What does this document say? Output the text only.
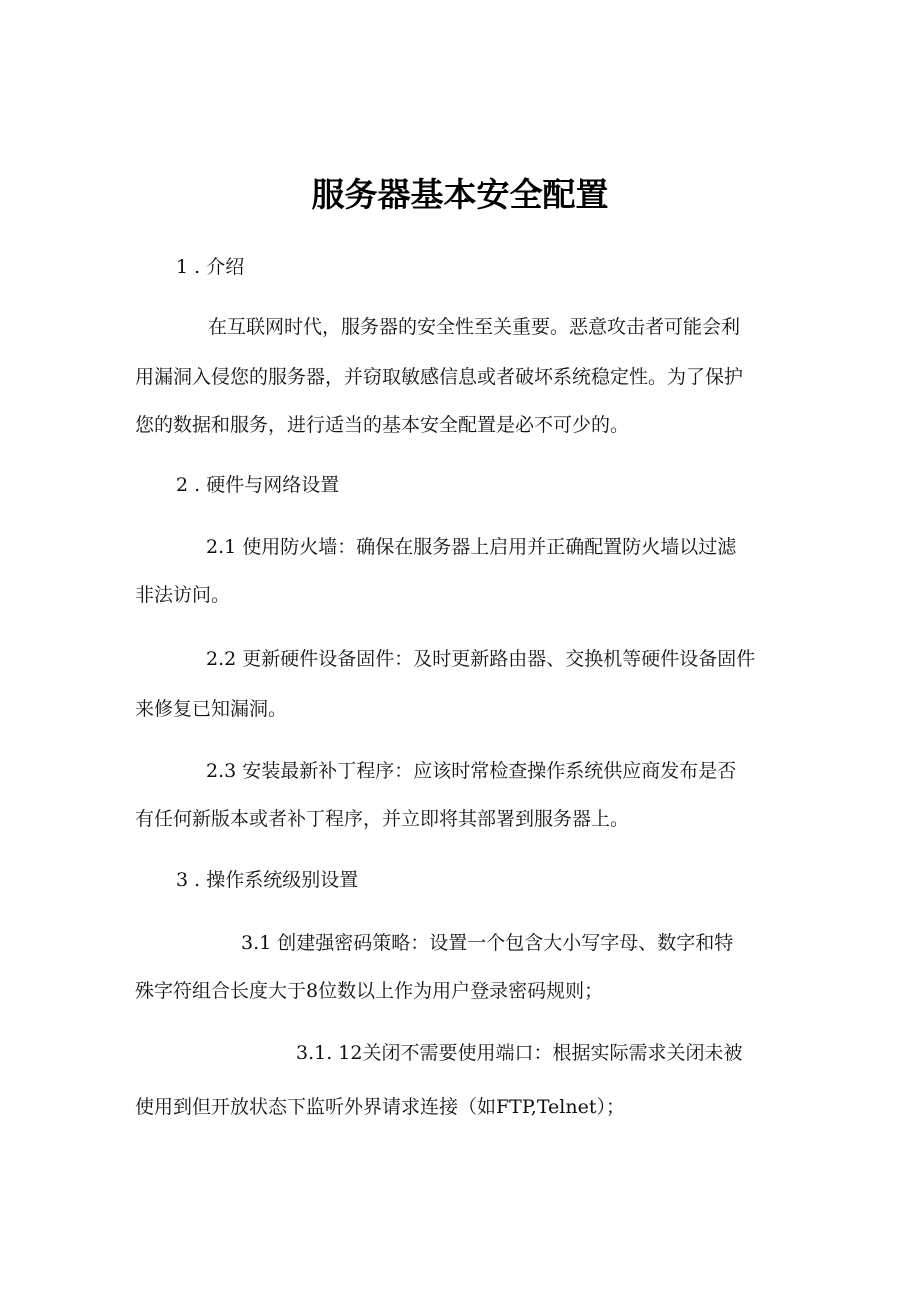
服务器基本安全配置

1 . 介绍

在互联网时代，服务器的安全性至关重要。恶意攻击者可能会利

用漏洞入侵您的服务器，并窃取敏感信息或者破坏系统稳定性。为了保护

您的数据和服务，进行适当的基本安全配置是必不可少的。

2 . 硬件与网络设置

2.1 使用防火墙：确保在服务器上启用并正确配置防火墙以过滤

非法访问。

2.2 更新硬件设备固件：及时更新路由器、交换机等硬件设备固件

来修复已知漏洞。

2.3 安装最新补丁程序：应该时常检查操作系统供应商发布是否

有任何新版本或者补丁程序，并立即将其部署到服务器上。

3 . 操作系统级别设置

3.1 创建强密码策略：设置一个包含大小写字母、数字和特

殊字符组合长度大于8位数以上作为用户登录密码规则；

3.1. 12关闭不需要使用端口：根据实际需求关闭未被

使用到但开放状态下监听外界请求连接（如FTP,Telnet）；
